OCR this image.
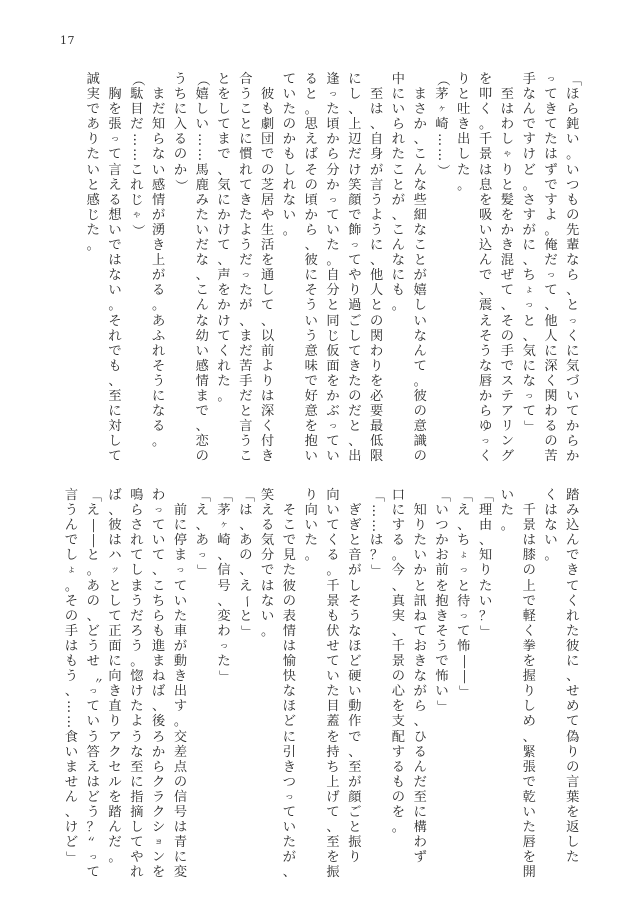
17
「
ほ
ら
鈍
い
。
い
つ
も
の
先
輩
な
ら
、
と
っ
く
に
気
づ
い
て
か
ら
か
っ
て
き
て
た
は
ず
で
す
よ
。
俺
だ
っ
て
、
他
人
に
深
く
関
わ
る
の
苦
手
な
ん
で
す
け
ど
。
さ
す
が
に
、
ち
ょ
っ
と
、
気
に
な
っ
て
」

至
は
わ
し
ゃ
り
と
髪
を
か
き
混
ぜ
て
、
そ
の
手
で
ス
テ
ア
リ
ン
グ
を
叩
く
。
千
景
は
息
を
吸
い
込
ん
で
、
震
え
そ
う
な
唇
か
ら
ゆ
っ
く
り
と
吐
き
出
し
た
。
（
茅
ヶ
崎
…
…
）

ま
さ
か
、
こ
ん
な
些
細
な
こ
と
が
嬉
し
い
な
ん
て
。
彼
の
意
識
の
中
に
い
ら
れ
た
こ
と
が
、
こ
ん
な
に
も
。

至
は
、
自
身
が
言
う
よ
う
に
、
他
人
と
の
関
わ
り
を
必
要
最
低
限
に
し
、
上
辺
だ
け
笑
顔
で
飾
っ
て
や
り
過
ご
し
て
き
た
の
だ
と
、
出
逢
っ
た
頃
か
ら
分
か
っ
て
い
た
。
自
分
と
同
じ
仮
面
を
か
ぶ
っ
て
い
る
と
。
思
え
ば
そ
の
頃
か
ら
、
彼
に
そ
う
い
う
意
味
で
好
意
を
抱
い
て
い
た
の
か
も
し
れ
な
い
。

彼
も
劇
団
で
の
芝
居
や
生
活
を
通
し
て
、
以
前
よ
り
は
深
く
付
き
合
う
こ
と
に
慣
れ
て
き
た
よ
う
だ
っ
た
が
、
ま
だ
苦
手
だ
と
言
う
こ
と
を
し
て
ま
で
、
気
に
か
け
て
、
声
を
か
け
て
く
れ
た
。
（
嬉
し
い
…
…
馬
鹿
み
た
い
だ
な
、
こ
ん
な
幼
い
感
情
ま
で
、
恋
の
う
ち
に
入
る
の
か
）

ま
だ
知
ら
な
い
感
情
が
湧
き
上
が
る
。
あ
ふ
れ
そ
う
に
な
る
。
（
駄
目
だ
…
…
こ
れ
じ
ゃ
）

胸
を
張
っ
て
言
え
る
想
い
で
は
な
い
。
そ
れ
で
も
、
至
に
対
し
て
誠
実
で
あ
り
た
い
と
感
じ
た
。
踏
み
込
ん
で
き
て
く
れ
た
彼
に
、
せ
め
て
偽
り
の
言
葉
を
返
し
た
く
は
な
い
。

千
景
は
膝
の
上
で
軽
く
拳
を
握
り
し
め
、
緊
張
で
乾
い
た
唇
を
開
い
た
。
「
理
由
、
知
り
た
い
？
」
「
え
、
ち
ょ
っ
と
待
っ
て
怖
―
―
」
「
い
つ
か
お
前
を
抱
き
そ
う
で
怖
い
」

知
り
た
い
か
と
訊
ね
て
お
き
な
が
ら
、
ひ
る
ん
だ
至
に
構
わ
ず
口
に
す
る
。
今
、
真
実
、
千
景
の
心
を
支
配
す
る
も
の
を
。
「
…
…
は
？
」

ぎ
ぎ
と
音
が
し
そ
う
な
ほ
ど
硬
い
動
作
で
、
至
が
顔
ご
と
振
り
向
い
て
く
る
。
千
景
も
伏
せ
て
い
た
目
蓋
を
持
ち
上
げ
て
、
至
を
振
り
向
い
た
。

そ
こ
で
見
た
彼
の
表
情
は
愉
快
な
ほ
ど
に
引
き
つ
っ
て
い
た
が
、
笑
え
る
気
分
で
は
な
い
。
「
は
、
あ
の
、
え
ー
と
」
「
茅
ヶ
崎
、
信
号
、
変
わ
っ
た
」
「
え
、
あ
っ
」

前
に
停
ま
っ
て
い
た
車
が
動
き
出
す
。
交
差
点
の
信
号
は
青
に
変
わ
っ
て
い
て
、
こ
ち
ら
も
進
ま
ね
ば
、
後
ろ
か
ら
ク
ラ
ク
シ
ョ
ン
を
鳴
ら
さ
れ
て
し
ま
う
だ
ろ
う
。
惚
け
た
よ
う
な
至
に
指
摘
し
て
や
れ
ば
、
彼
は
ハ
ッ
と
し
て
正
面
に
向
き
直
り
ア
ク
セ
ル
を
踏
ん
だ
。
「
え
―
―
と
。
あ
の
、
ど
う
せ
〝
っ
て
い
う
答
え
は
ど
う
？
〟
っ
て
言
う
ん
で
し
ょ
。
そ
の
手
は
も
う
、
…
…
食
い
ま
せ
ん
、
け
ど
」
